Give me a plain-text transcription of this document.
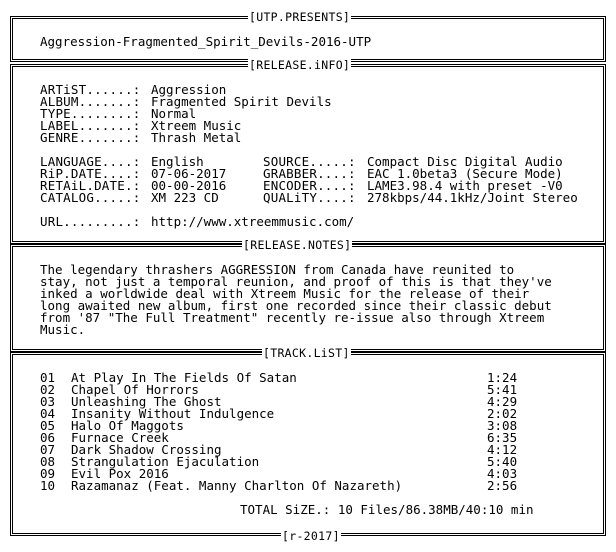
[UTP.PRESENTS]
[RELEASE.iNFO]
[RELEASE.NOTES]
[TRACK.LiST]
[r-2017]
Aggression-Fragmented_Spirit_Devils-2016-UTP
ARTiST......: Aggression
ALBUM.......: Fragmented Spirit Devils
TYPE........: Normal
LABEL.......: Xtreem Music
GENRE.......: Thrash Metal
LANGUAGE....: English
RiP.DATE....: 07-06-2017
RETAiL.DATE.: 00-00-2016
CATALOG.....: XM 223 CD
SOURCE.....: Compact Disc Digital Audio
GRABBER....: EAC 1.0beta3 (Secure Mode)
ENCODER....: LAME3.98.4 with preset -V0
QUALiTY....: 278kbps/44.1kHz/Joint Stereo
URL.........: http://www.xtreemmusic.com/
The legendary thrashers AGGRESSION from Canada have reunited to
stay, not just a temporal reunion, and proof of this is that they've
inked a worldwide deal with Xtreem Music for the release of their
long awaited new album, first one recorded since their classic debut
from '87 "The Full Treatment" recently re-issue also through Xtreem
Music.
01 At Play In The Fields Of Satan	1:24
02 Chapel Of Horrors	5:41
03 Unleashing The Ghost	4:29
04 Insanity Without Indulgence	2:02
05 Halo Of Maggots	3:08
06 Furnace Creek	6:35
07 Dark Shadow Crossing	4:12
08 Strangulation Ejaculation	5:40
09 Evil Pox 2016	4:03
10 Razamanaz (Feat. Manny Charlton Of Nazareth)	2:56
TOTAL SiZE.: 10 Files/86.38MB/40:10 min
